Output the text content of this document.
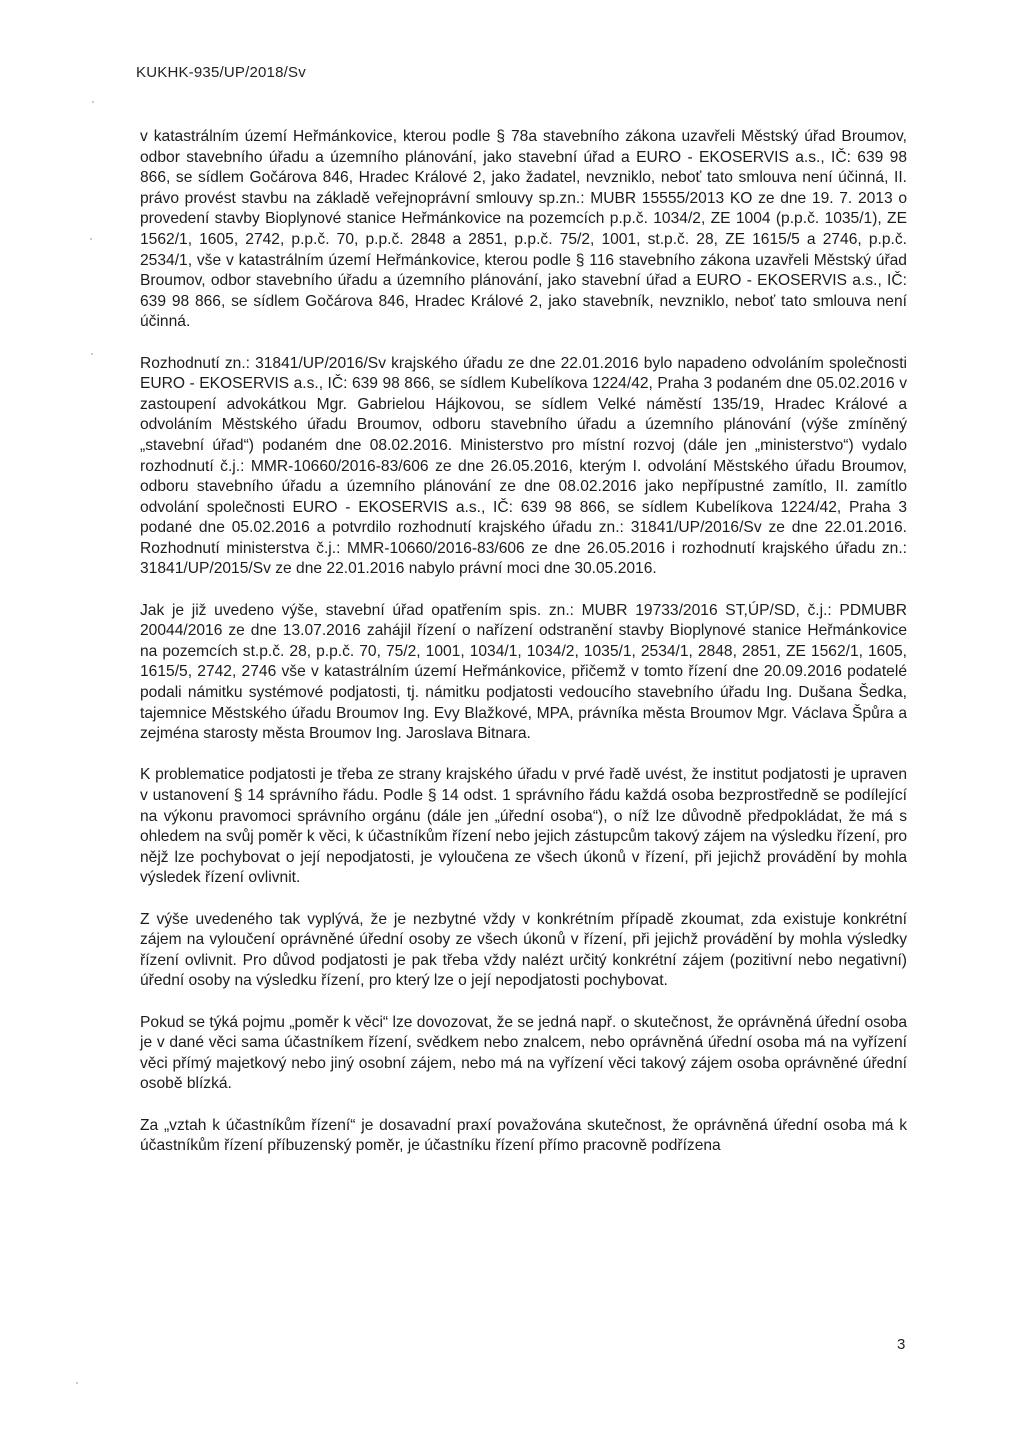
KUKHK-935/UP/2018/Sv

v katastrálním území Heřmánkovice, kterou podle § 78a stavebního zákona uzavřeli Městský úřad Broumov, odbor stavebního úřadu a územního plánování, jako stavební úřad a EURO - EKOSERVIS a.s., IČ: 639 98 866, se sídlem Gočárova 846, Hradec Králové 2, jako žadatel, nevzniklo, neboť tato smlouva není účinná, II. právo provést stavbu na základě veřejnoprávní smlouvy sp.zn.: MUBR 15555/2013 KO ze dne 19. 7. 2013 o provedení stavby Bioplynové stanice Heřmánkovice na pozemcích p.p.č. 1034/2, ZE 1004 (p.p.č. 1035/1), ZE 1562/1, 1605, 2742, p.p.č. 70, p.p.č. 2848 a 2851, p.p.č. 75/2, 1001, st.p.č. 28, ZE 1615/5 a 2746, p.p.č. 2534/1, vše v katastrálním území Heřmánkovice, kterou podle § 116 stavebního zákona uzavřeli Městský úřad Broumov, odbor stavebního úřadu a územního plánování, jako stavební úřad a EURO - EKOSERVIS a.s., IČ: 639 98 866, se sídlem Gočárova 846, Hradec Králové 2, jako stavebník, nevzniklo, neboť tato smlouva není účinná.

Rozhodnutí zn.: 31841/UP/2016/Sv krajského úřadu ze dne 22.01.2016 bylo napadeno odvoláním společnosti EURO - EKOSERVIS a.s., IČ: 639 98 866, se sídlem Kubelíkova 1224/42, Praha 3 podaném dne 05.02.2016 v zastoupení advokátkou Mgr. Gabrielou Hájkovou, se sídlem Velké náměstí 135/19, Hradec Králové a odvoláním Městského úřadu Broumov, odboru stavebního úřadu a územního plánování (výše zmíněný „stavební úřad“) podaném dne 08.02.2016. Ministerstvo pro místní rozvoj (dále jen „ministerstvo“) vydalo rozhodnutí č.j.: MMR-10660/2016-83/606 ze dne 26.05.2016, kterým I. odvolání Městského úřadu Broumov, odboru stavebního úřadu a územního plánování ze dne 08.02.2016 jako nepřípustné zamítlo, II. zamítlo odvolání společnosti EURO - EKOSERVIS a.s., IČ: 639 98 866, se sídlem Kubelíkova 1224/42, Praha 3 podané dne 05.02.2016 a potvrdilo rozhodnutí krajského úřadu zn.: 31841/UP/2016/Sv ze dne 22.01.2016. Rozhodnutí ministerstva č.j.: MMR-10660/2016-83/606 ze dne 26.05.2016 i rozhodnutí krajského úřadu zn.: 31841/UP/2015/Sv ze dne 22.01.2016 nabylo právní moci dne 30.05.2016.

Jak je již uvedeno výše, stavební úřad opatřením spis. zn.: MUBR 19733/2016 ST,ÚP/SD, č.j.: PDMUBR 20044/2016 ze dne 13.07.2016 zahájil řízení o nařízení odstranění stavby Bioplynové stanice Heřmánkovice na pozemcích st.p.č. 28, p.p.č. 70, 75/2, 1001, 1034/1, 1034/2, 1035/1, 2534/1, 2848, 2851, ZE 1562/1, 1605, 1615/5, 2742, 2746 vše v katastrálním území Heřmánkovice, přičemž v tomto řízení dne 20.09.2016 podatelé podali námitku systémové podjatosti, tj. námitku podjatosti vedoucího stavebního úřadu Ing. Dušana Šedka, tajemnice Městského úřadu Broumov Ing. Evy Blažkové, MPA, právníka města Broumov Mgr. Václava Špůra a zejména starosty města Broumov Ing. Jaroslava Bitnara.

K problematice podjatosti je třeba ze strany krajského úřadu v prvé řadě uvést, že institut podjatosti je upraven v ustanovení § 14 správního řádu. Podle § 14 odst. 1 správního řádu každá osoba bezprostředně se podílející na výkonu pravomoci správního orgánu (dále jen „úřední osoba“), o níž lze důvodně předpokládat, že má s ohledem na svůj poměr k věci, k účastníkům řízení nebo jejich zástupcům takový zájem na výsledku řízení, pro nějž lze pochybovat o její nepodjatosti, je vyloučena ze všech úkonů v řízení, při jejichž provádění by mohla výsledek řízení ovlivnit.

Z výše uvedeného tak vyplývá, že je nezbytné vždy v konkrétním případě zkoumat, zda existuje konkrétní zájem na vyloučení oprávněné úřední osoby ze všech úkonů v řízení, při jejichž provádění by mohla výsledky řízení ovlivnit. Pro důvod podjatosti je pak třeba vždy nalézt určitý konkrétní zájem (pozitivní nebo negativní) úřední osoby na výsledku řízení, pro který lze o její nepodjatosti pochybovat.

Pokud se týká pojmu „poměr k věci“ lze dovozovat, že se jedná např. o skutečnost, že oprávněná úřední osoba je v dané věci sama účastníkem řízení, svědkem nebo znalcem, nebo oprávněná úřední osoba má na vyřízení věci přímý majetkový nebo jiný osobní zájem, nebo má na vyřízení věci takový zájem osoba oprávněné úřední osobě blízká.

Za „vztah k účastníkům řízení“ je dosavadní praxí považována skutečnost, že oprávněná úřední osoba má k účastníkům řízení příbuzenský poměr, je účastníku řízení přímo pracovně podřízena

3
